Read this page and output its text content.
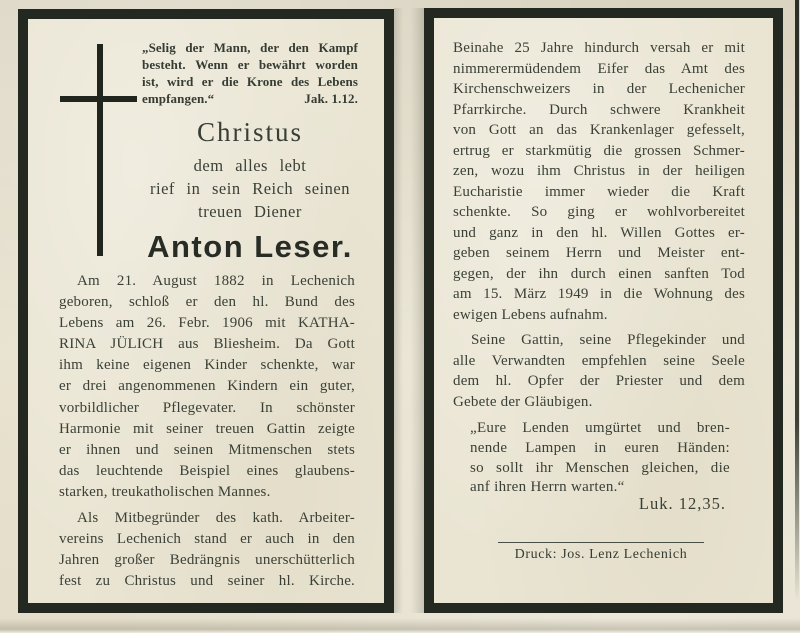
„Selig der Mann, der den Kampf
besteht. Wenn er bewährt worden
ist, wird er die Krone des Lebens
empfangen.“	Jak. 1.12.
Christus
dem alles lebt
rief in sein Reich seinen
treuen Diener
Anton Leser.
Am 21. August 1882 in Lechenich
geboren, schloß er den hl. Bund des
Lebens am 26. Febr. 1906 mit KATHA-
RINA JÜLICH aus Bliesheim. Da Gott
ihm keine eigenen Kinder schenkte, war
er drei angenommenen Kindern ein guter,
vorbildlicher Pflegevater. In schönster
Harmonie mit seiner treuen Gattin zeigte
er ihnen und seinen Mitmenschen stets
das leuchtende Beispiel eines glaubens-
starken, treukatholischen Mannes.
Als Mitbegründer des kath. Arbeiter-
vereins Lechenich stand er auch in den
Jahren großer Bedrängnis unerschütterlich
fest zu Christus und seiner hl. Kirche.
Beinahe 25 Jahre hindurch versah er mit
nimmerermüdendem Eifer das Amt des
Kirchenschweizers in der Lechenicher
Pfarrkirche. Durch schwere Krankheit
von Gott an das Krankenlager gefesselt,
ertrug er starkmütig die grossen Schmer-
zen, wozu ihm Christus in der heiligen
Eucharistie immer wieder die Kraft
schenkte. So ging er wohlvorbereitet
und ganz in den hl. Willen Gottes er-
geben seinem Herrn und Meister ent-
gegen, der ihn durch einen sanften Tod
am 15. März 1949 in die Wohnung des
ewigen Lebens aufnahm.
Seine Gattin, seine Pflegekinder und
alle Verwandten empfehlen seine Seele
dem hl. Opfer der Priester und dem
Gebete der Gläubigen.
„Eure Lenden umgürtet und bren-
nende Lampen in euren Händen:
so sollt ihr Menschen gleichen, die
anf ihren Herrn warten.“
Luk. 12,35.
Druck: Jos. Lenz Lechenich
